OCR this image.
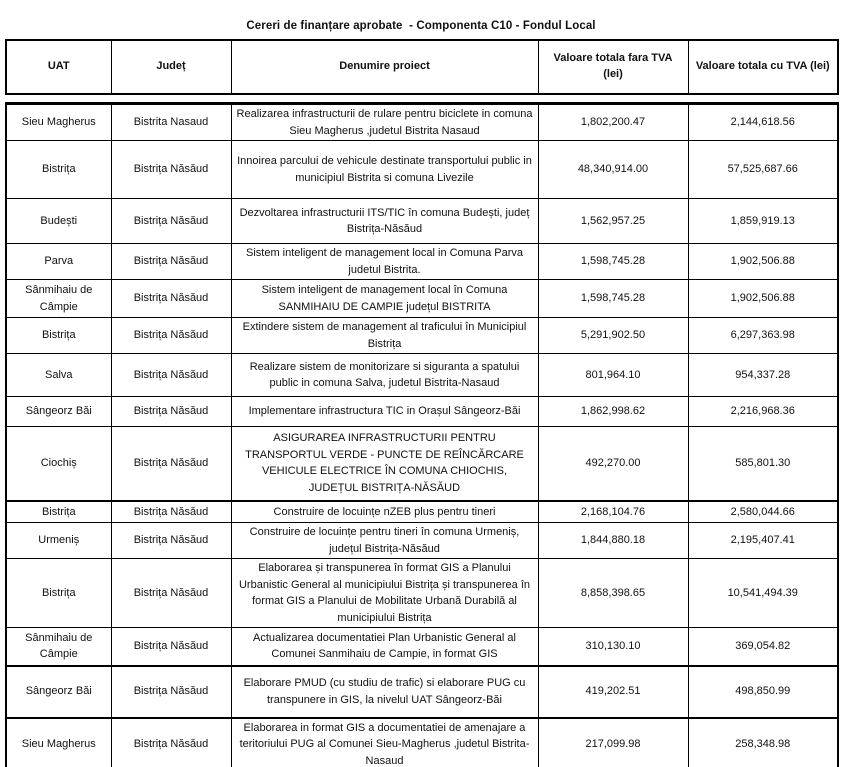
Cereri de finanțare aprobate  - Componenta C10 - Fondul Local
UAT	Județ	Denumire proiect	Valoare totala fara TVA (lei)	Valoare totala cu TVA (lei)
Sieu Magherus	Bistrita Nasaud	Realizarea infrastructurii de rulare pentru biciclete in comuna Sieu Magherus ,judetul Bistrita Nasaud	1,802,200.47	2,144,618.56
Bistrița	Bistrița Năsăud	Innoirea parcului de vehicule destinate transportului public in municipiul Bistrita si comuna Livezile	48,340,914.00	57,525,687.66
Budești	Bistrița Năsăud	Dezvoltarea infrastructurii ITS/TIC în comuna Budești, județ Bistrița-Năsăud	1,562,957.25	1,859,919.13
Parva	Bistrița Năsăud	Sistem inteligent de management local in Comuna Parva judetul Bistrita.	1,598,745.28	1,902,506.88
Sânmihaiu de Câmpie	Bistrița Năsăud	Sistem inteligent de management local în Comuna SANMIHAIU DE CAMPIE județul BISTRITA	1,598,745.28	1,902,506.88
Bistrița	Bistrița Năsăud	Extindere sistem de management al traficului în Municipiul Bistrița	5,291,902.50	6,297,363.98
Salva	Bistrița Năsăud	Realizare sistem de monitorizare si siguranta a spatului public in comuna Salva, judetul Bistrita-Nasaud	801,964.10	954,337.28
Sângeorz Băi	Bistrița Năsăud	Implementare infrastructura TIC in Orașul Sângeorz-Băi	1,862,998.62	2,216,968.36
Ciochiș	Bistrița Năsăud	ASIGURAREA INFRASTRUCTURII PENTRU TRANSPORTUL VERDE - PUNCTE DE REÎNCĂRCARE VEHICULE ELECTRICE ÎN COMUNA CHIOCHIS, JUDEȚUL BISTRIȚA-NĂSĂUD	492,270.00	585,801.30
Bistrița	Bistrița Năsăud	Construire de locuințe nZEB plus pentru tineri	2,168,104.76	2,580,044.66
Urmeniș	Bistrița Năsăud	Construire de locuințe pentru tineri în comuna Urmeniș, județul Bistrița-Năsăud	1,844,880.18	2,195,407.41
Bistrița	Bistrița Năsăud	Elaborarea și transpunerea în format GIS a Planului Urbanistic General al municipiului Bistrița și transpunerea în format GIS a Planului de Mobilitate Urbană Durabilă al municipiului Bistrița	8,858,398.65	10,541,494.39
Sânmihaiu de Câmpie	Bistrița Năsăud	Actualizarea documentatiei Plan Urbanistic General al Comunei Sanmihaiu de Campie, in format GIS	310,130.10	369,054.82
Sângeorz Băi	Bistrița Năsăud	Elaborare PMUD (cu studiu de trafic) si elaborare PUG cu transpunere in GIS, la nivelul UAT Sângeorz-Băi	419,202.51	498,850.99
Sieu Magherus	Bistrița Năsăud	Elaborarea in format GIS a documentatiei de amenajare a teritoriului PUG al Comunei Sieu-Magherus ,judetul Bistrita-Nasaud	217,099.98	258,348.98
